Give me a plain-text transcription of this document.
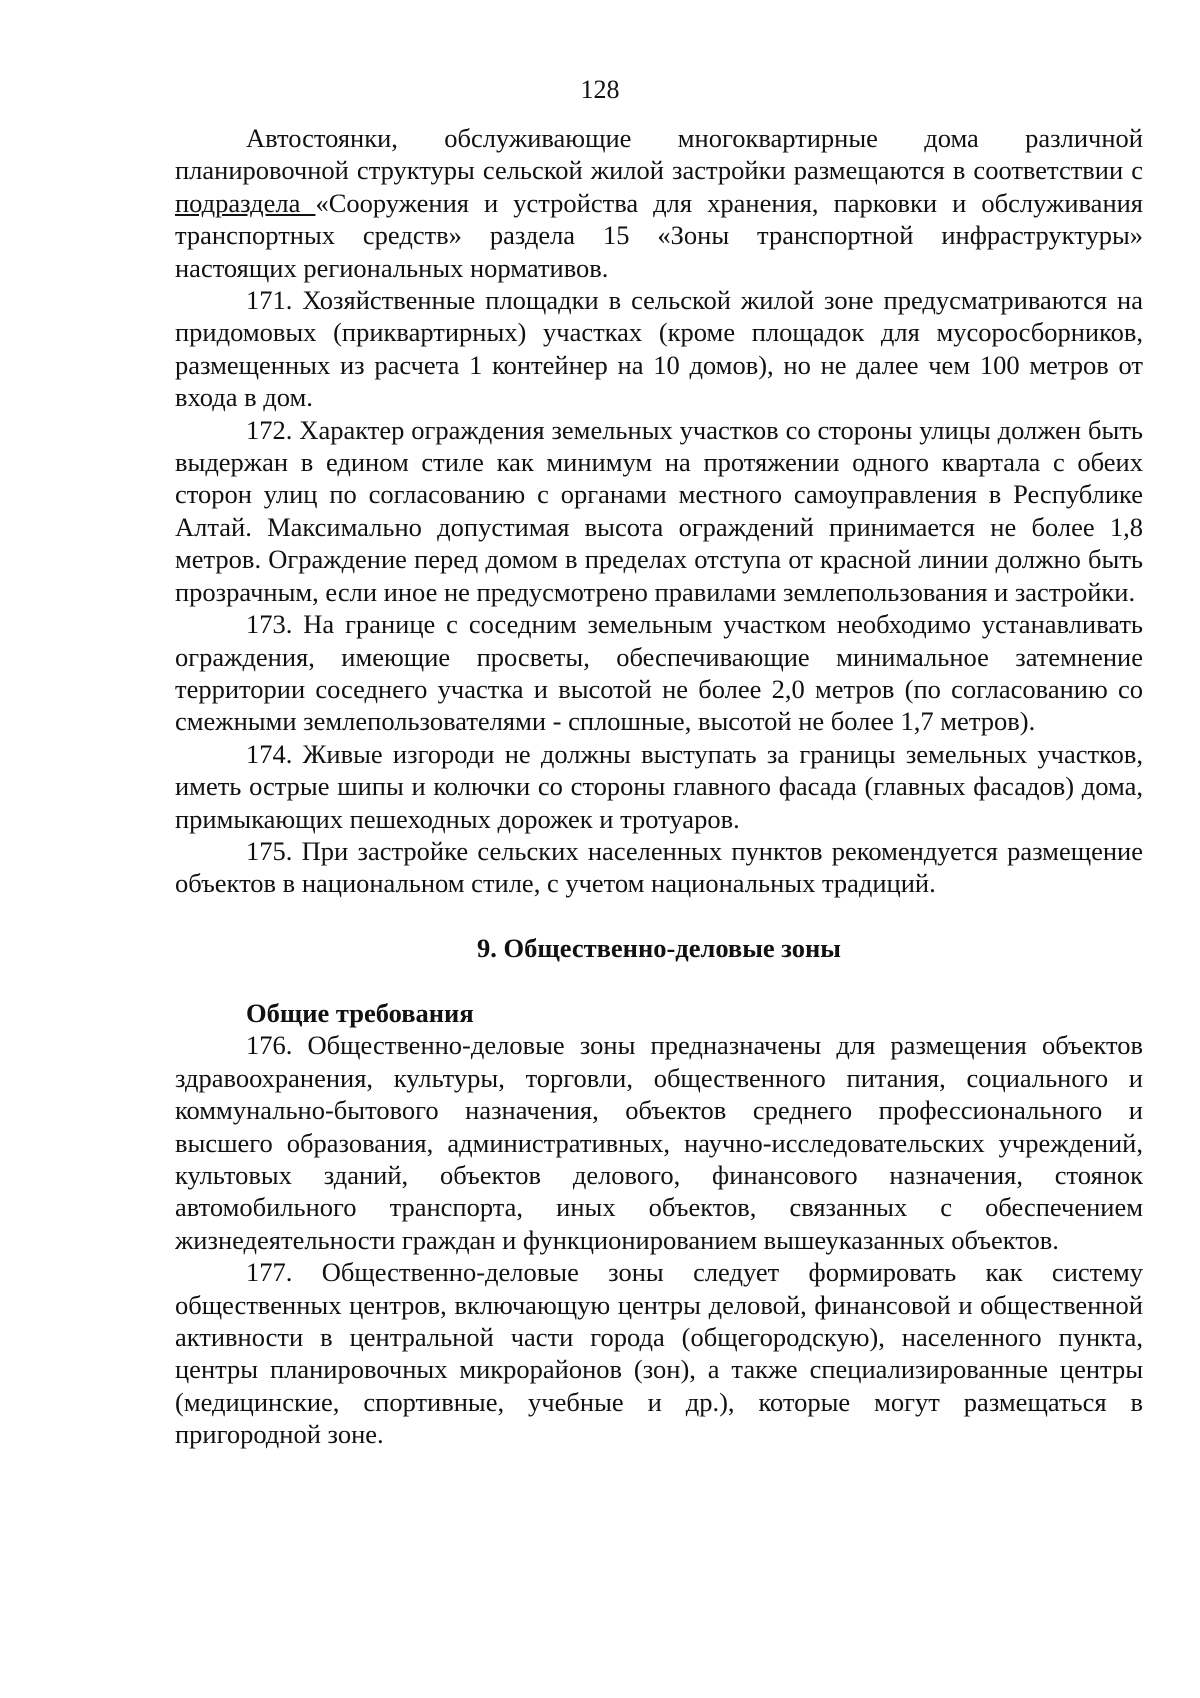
128

Автостоянки, обслуживающие многоквартирные дома различной планировочной структуры сельской жилой застройки размещаются в соответствии с подраздела «Сооружения и устройства для хранения, парковки и обслуживания транспортных средств» раздела 15 «Зоны транспортной инфраструктуры» настоящих региональных нормативов.

171. Хозяйственные площадки в сельской жилой зоне предусматриваются на придомовых (приквартирных) участках (кроме площадок для мусоросборников, размещенных из расчета 1 контейнер на 10 домов), но не далее чем 100 метров от входа в дом.

172. Характер ограждения земельных участков со стороны улицы должен быть выдержан в едином стиле как минимум на протяжении одного квартала с обеих сторон улиц по согласованию с органами местного самоуправления в Республике Алтай. Максимально допустимая высота ограждений принимается не более 1,8 метров. Ограждение перед домом в пределах отступа от красной линии должно быть прозрачным, если иное не предусмотрено правилами землепользования и застройки.

173. На границе с соседним земельным участком необходимо устанавливать ограждения, имеющие просветы, обеспечивающие минимальное затемнение территории соседнего участка и высотой не более 2,0 метров (по согласованию со смежными землепользователями - сплошные, высотой не более 1,7 метров).

174. Живые изгороди не должны выступать за границы земельных участков, иметь острые шипы и колючки со стороны главного фасада (главных фасадов) дома, примыкающих пешеходных дорожек и тротуаров.

175. При застройке сельских населенных пунктов рекомендуется размещение объектов в национальном стиле, с учетом национальных традиций.

9. Общественно-деловые зоны

Общие требования

176. Общественно-деловые зоны предназначены для размещения объектов здравоохранения, культуры, торговли, общественного питания, социального и коммунально-бытового назначения, объектов среднего профессионального и высшего образования, административных, научно-исследовательских учреждений, культовых зданий, объектов делового, финансового назначения, стоянок автомобильного транспорта, иных объектов, связанных с обеспечением жизнедеятельности граждан и функционированием вышеуказанных объектов.

177. Общественно-деловые зоны следует формировать как систему общественных центров, включающую центры деловой, финансовой и общественной активности в центральной части города (общегородскую), населенного пункта, центры планировочных микрорайонов (зон), а также специализированные центры (медицинские, спортивные, учебные и др.), которые могут размещаться в пригородной зоне.
